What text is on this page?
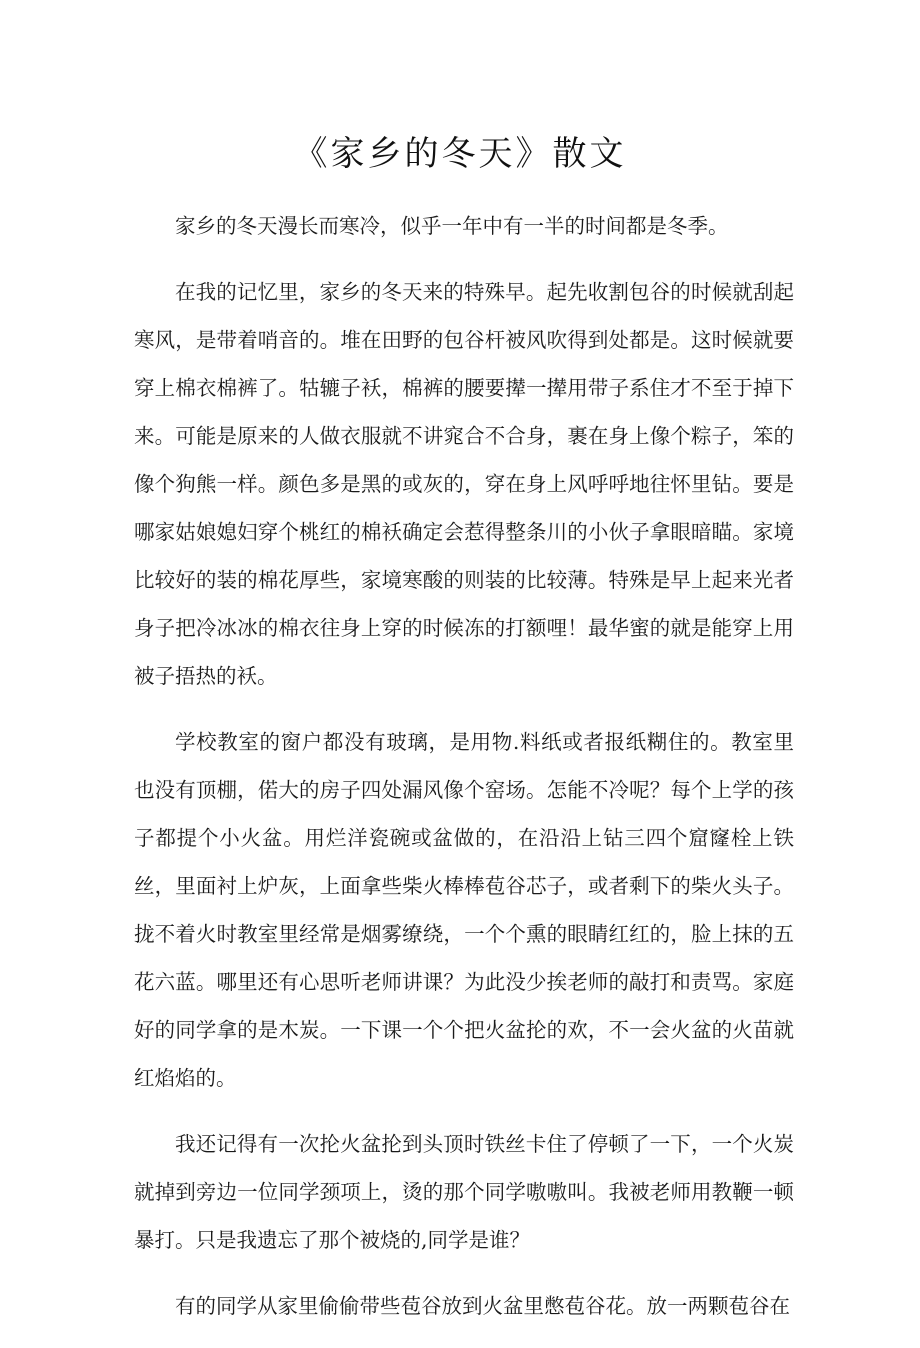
《家乡的冬天》散文

家乡的冬天漫长而寒冷，似乎一年中有一半的时间都是冬季。

在我的记忆里，家乡的冬天来的特殊早。起先收割包谷的时候就刮起寒风，是带着哨音的。堆在田野的包谷杆被风吹得到处都是。这时候就要穿上棉衣棉裤了。牯辘子袄，棉裤的腰要撵一撵用带子系住才不至于掉下来。可能是原来的人做衣服就不讲窕合不合身，裹在身上像个粽子，笨的像个狗熊一样。颜色多是黑的或灰的，穿在身上风呼呼地往怀里钻。要是哪家姑娘媳妇穿个桃红的棉袄确定会惹得整条川的小伙子拿眼暗瞄。家境比较好的装的棉花厚些，家境寒酸的则装的比较薄。特殊是早上起来光者身子把冷冰冰的棉衣往身上穿的时候冻的打额哩！最华蜜的就是能穿上用被子捂热的袄。

学校教室的窗户都没有玻璃，是用物.料纸或者报纸糊住的。教室里也没有顶棚，偌大的房子四处漏风像个窑场。怎能不冷呢？每个上学的孩子都提个小火盆。用烂洋瓷碗或盆做的，在沿沿上钻三四个窟窿栓上铁丝，里面衬上炉灰，上面拿些柴火棒棒苞谷芯子，或者剩下的柴火头子。拢不着火时教室里经常是烟雾缭绕，一个个熏的眼睛红红的，脸上抹的五花六蓝。哪里还有心思听老师讲课？为此没少挨老师的敲打和责骂。家庭好的同学拿的是木炭。一下课一个个把火盆抡的欢，不一会火盆的火苗就红焰焰的。

我还记得有一次抡火盆抡到头顶时铁丝卡住了停顿了一下，一个火炭就掉到旁边一位同学颈项上，烫的那个同学嗷嗷叫。我被老师用教鞭一顿暴打。只是我遗忘了那个被烧的,同学是谁？

有的同学从家里偷偷带些苞谷放到火盆里憋苞谷花。放一两颗苞谷在
